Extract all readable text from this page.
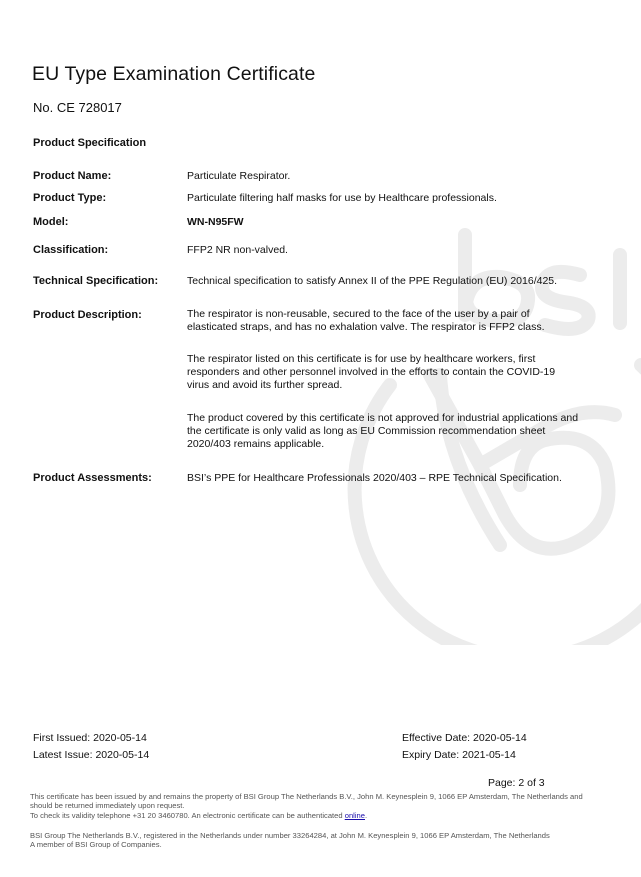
EU Type Examination Certificate
No. CE 728017
Product Specification
Product Name:	Particulate Respirator.
Product Type:	Particulate filtering half masks for use by Healthcare professionals.
Model:	WN-N95FW
Classification:	FFP2 NR non-valved.
Technical Specification:	Technical specification to satisfy Annex II of the PPE Regulation (EU) 2016/425.
Product Description:	The respirator is non-reusable, secured to the face of the user by a pair of
elasticated straps, and has no exhalation valve. The respirator is FFP2 class.
The respirator listed on this certificate is for use by healthcare workers, first
responders and other personnel involved in the efforts to contain the COVID-19
virus and avoid its further spread.
The product covered by this certificate is not approved for industrial applications and
the certificate is only valid as long as EU Commission recommendation sheet
2020/403 remains applicable.
Product Assessments:	BSI’s PPE for Healthcare Professionals 2020/403 – RPE Technical Specification.
First Issued: 2020-05-14
Latest Issue: 2020-05-14
Effective Date: 2020-05-14
Expiry Date: 2021-05-14
Page: 2 of 3
This certificate has been issued by and remains the property of BSI Group The Netherlands B.V., John M. Keynesplein 9, 1066 EP Amsterdam, The Netherlands and
should be returned immediately upon request.
To check its validity telephone +31 20 3460780. An electronic certificate can be authenticated online.
BSI Group The Netherlands B.V., registered in the Netherlands under number 33264284, at John M. Keynesplein 9, 1066 EP Amsterdam, The Netherlands
A member of BSI Group of Companies.
